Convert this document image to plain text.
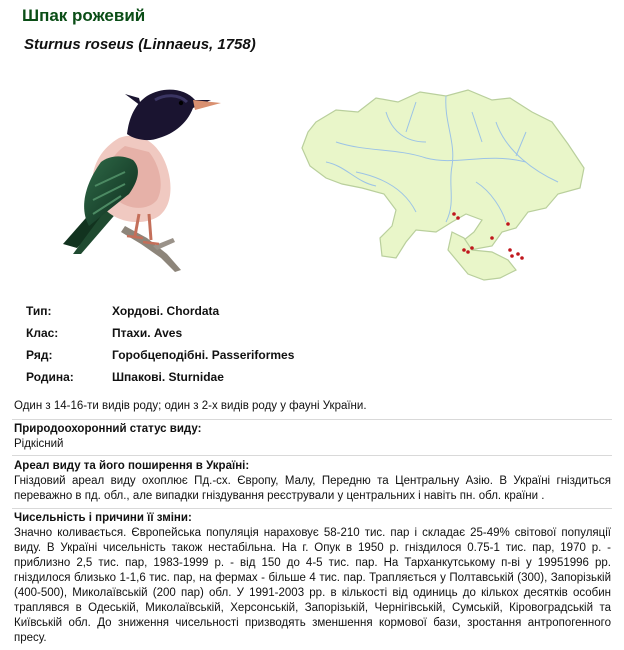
Шпак рожевий
Sturnus roseus (Linnaeus, 1758)
Тип:	Хордові. Chordata
Клас:	Птахи. Aves
Ряд:	Горобцеподібні. Passeriformes
Родина:	Шпакові. Sturnidae
Один з 14-16-ти видів роду; один з 2-х видів роду у фауні України.
Природоохоронний статус виду:
Рідкісний
Ареал виду та його поширення в Україні:
Гніздовий ареал виду охоплює Пд.-сх. Європу, Малу, Передню та Центральну Азію. В Україні гніздиться переважно в пд. обл., але випадки гніздування реєстрували у центральних і навіть пн. обл. країни .
Чисельність і причини її зміни:
Значно коливається. Європейська популяція нараховує 58-210 тис. пар і складає 25-49% світової популяції виду. В Україні чисельність також нестабільна. На г. Опук в 1950 р. гніздилося 0.75-1 тис. пар, 1970 р. - приблизно 2,5 тис. пар, 1983-1999 р. - від 150 до 4-5 тис. пар. На Тарханкутському п-ві у 19951996 рр. гніздилося близько 1-1,6 тис. пар, на фермах - більше 4 тис. пар. Трапляється у Полтавській (300), Запорізькій (400-500), Миколаївській (200 пар) обл. У 1991-2003 рр. в кількості від одиниць до кількох десятків особин траплявся в Одеській, Миколаївській, Херсонській, Запорізькій, Чернігівській, Сумській, Кіровоградській та Київській обл. До зниження чисельності призводять зменшення кормової бази, зростання антропогенного пресу.
